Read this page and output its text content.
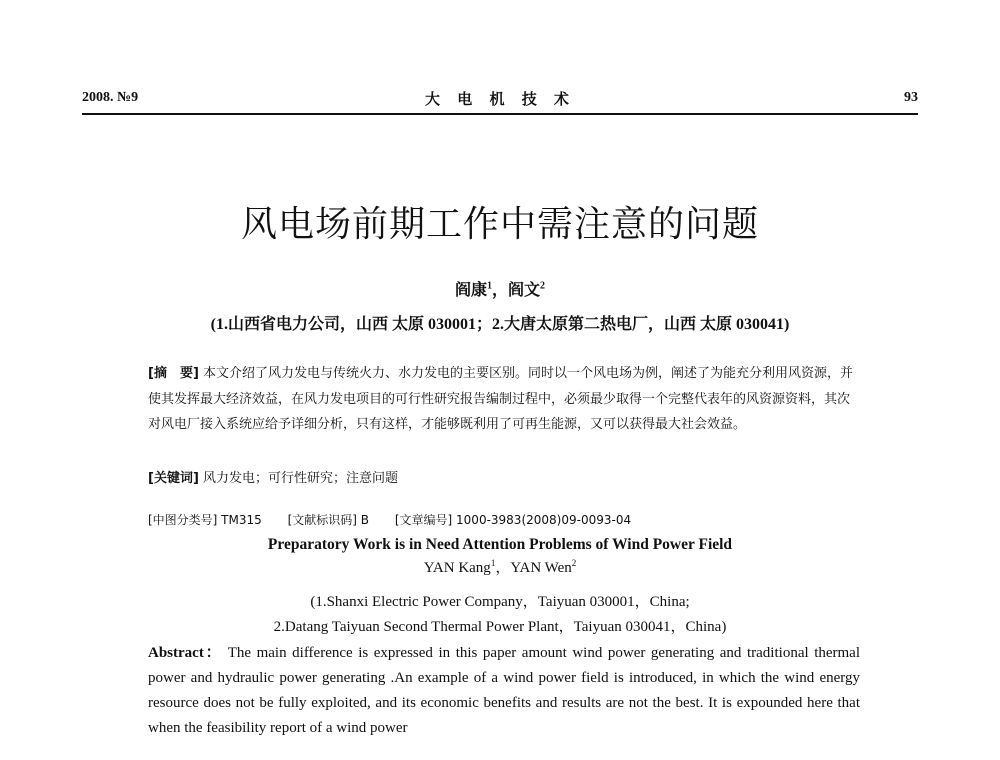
2008. №9	大 电 机 技 术	93
风电场前期工作中需注意的问题
阎康$^1$，阎文$^2$
(1.山西省电力公司，山西 太原 030001；2.大唐太原第二热电厂，山西 太原 030041)
[摘　要] 本文介绍了风力发电与传统火力、水力发电的主要区别。同时以一个风电场为例，阐述了为能充分利用风资源，并使其发挥最大经济效益，在风力发电项目的可行性研究报告编制过程中，必须最少取得一个完整代表年的风资源资料，其次对风电厂接入系统应给予详细分析，只有这样，才能够既利用了可再生能源，又可以获得最大社会效益。
[关键词] 风力发电；可行性研究；注意问题
[中图分类号] TM315 [文献标识码] B [文章编号] 1000-3983(2008)09-0093-04
Preparatory Work is in Need Attention Problems of Wind Power Field
YAN Kang$^1$，YAN Wen$^2$
(1.Shanxi Electric Power Company，Taiyuan 030001，China;
2.Datang Taiyuan Second Thermal Power Plant，Taiyuan 030041，China)
Abstract： The main difference is expressed in this paper amount wind power generating and traditional thermal power and hydraulic power generating .An example of a wind power field is introduced, in which the wind energy resource does not be fully exploited, and its economic benefits and results are not the best. It is expounded here that when the feasibility report of a wind power
